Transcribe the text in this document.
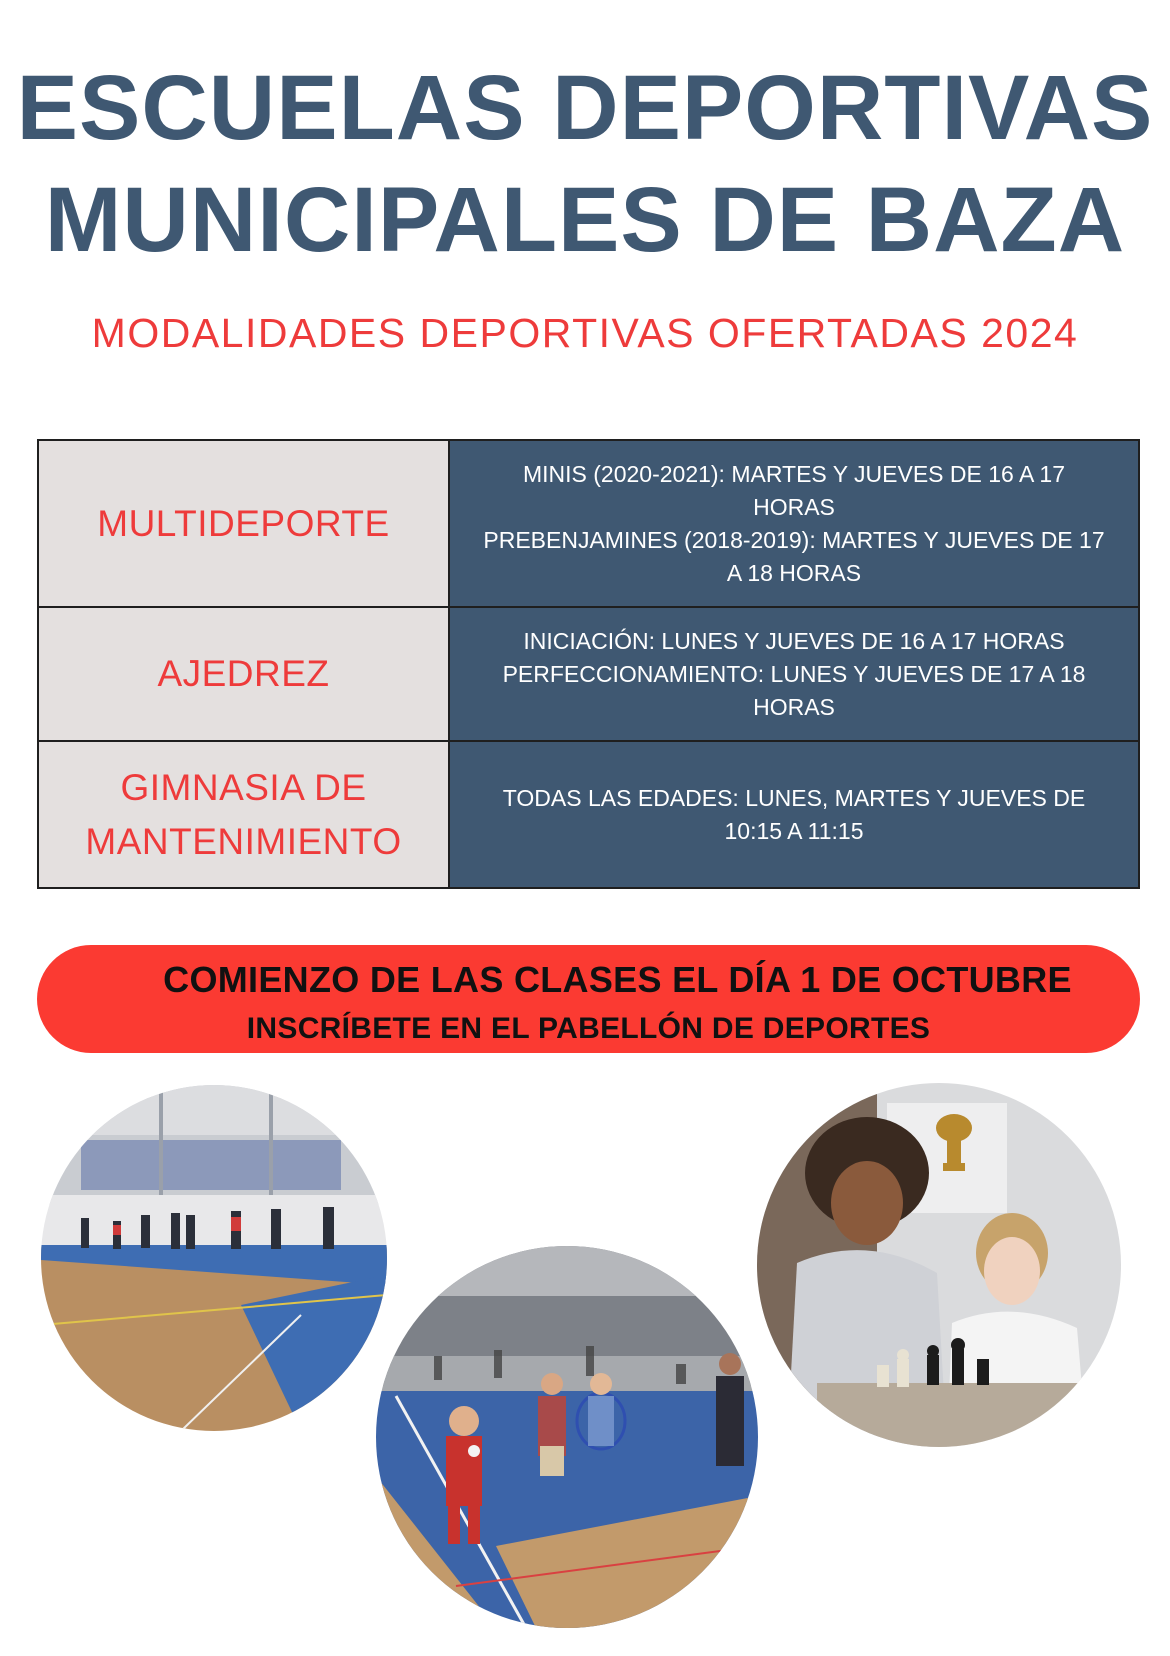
ESCUELAS DEPORTIVAS
MUNICIPALES DE BAZA
MODALIDADES DEPORTIVAS OFERTADAS 2024
MULTIDEPORTE	MINIS (2020-2021): MARTES Y JUEVES DE 16 A 17
HORAS
PREBENJAMINES (2018-2019): MARTES Y JUEVES DE 17
A 18 HORAS

AJEDREZ	INICIACIÓN: LUNES Y JUEVES DE 16 A 17 HORAS
PERFECCIONAMIENTO: LUNES Y JUEVES DE 17 A 18
HORAS

GIMNASIA DE
MANTENIMIENTO	TODAS LAS EDADES: LUNES, MARTES Y JUEVES DE
10:15 A 11:15
COMIENZO DE LAS CLASES EL DÍA 1 DE OCTUBRE
INSCRÍBETE EN EL PABELLÓN DE DEPORTES
